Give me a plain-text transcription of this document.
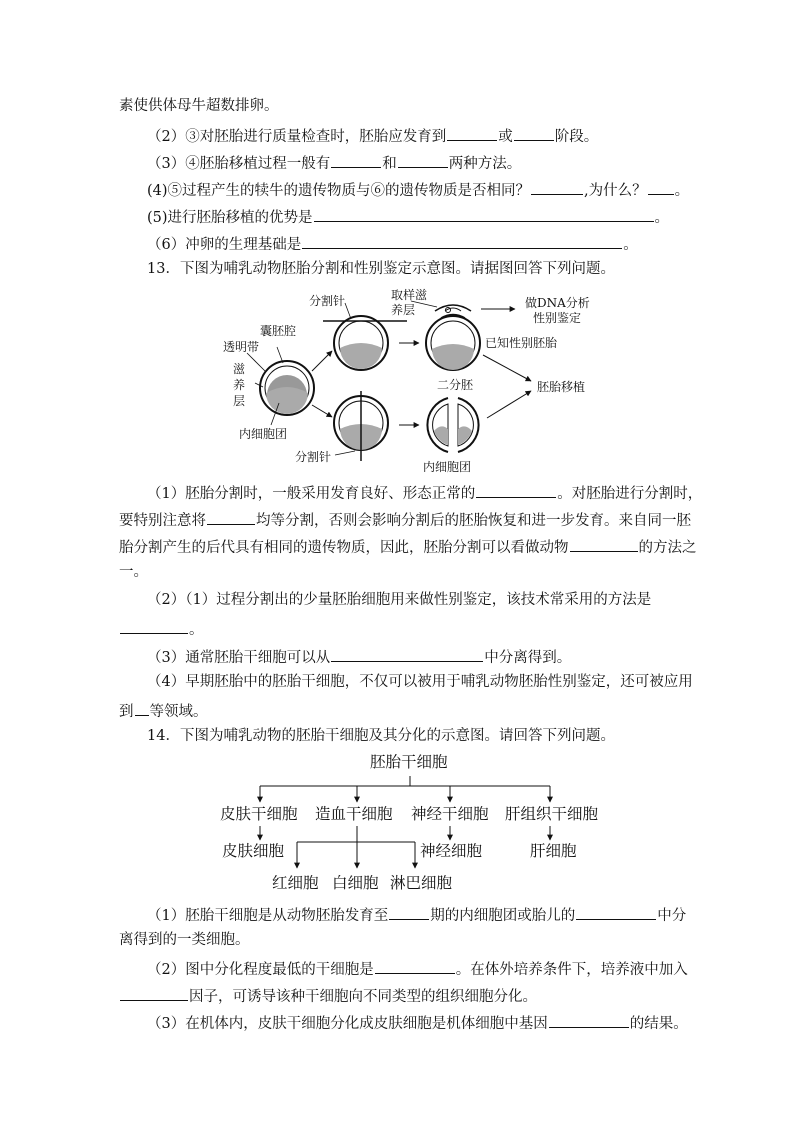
素使供体母牛超数排卵。
（2）③对胚胎进行质量检查时，胚胎应发育到	或	阶段。
（3）④胚胎移植过程一般有	和	两种方法。
(4)⑤过程产生的犊牛的遗传物质与⑥的遗传物质是否相同？	,为什么？ 。
(5)进行胚胎移植的优势是	。
（6）冲卵的生理基础是	。
13．下图为哺乳动物胚胎分割和性别鉴定示意图。请据图回答下列问题。
分割针	取样滋
养层	做DNA分析
性别鉴定
囊胚腔
透明带
滋
养
层
已知性别胚胎
二分胚	胚胎移植
内细胞团
分割针
内细胞团
（1）胚胎分割时，一般采用发育良好、形态正常的	。对胚胎进行分割时，
要特别注意将	均等分割，否则会影响分割后的胚胎恢复和进一步发育。来自同一胚
胎分割产生的后代具有相同的遗传物质，因此，胚胎分割可以看做动物	的方法之
一。
（2）（1）过程分割出的少量胚胎细胞用来做性别鉴定，该技术常采用的方法是
。
（3）通常胚胎干细胞可以从	中分离得到。
（4）早期胚胎中的胚胎干细胞，不仅可以被用于哺乳动物胚胎性别鉴定，还可被应用
到 等领域。
14．下图为哺乳动物的胚胎干细胞及其分化的示意图。请回答下列问题。
胚胎干细胞
皮肤干细胞 造血干细胞 神经干细胞 肝组织干细胞
皮肤细胞	神经细胞	肝细胞
红细胞 白细胞 淋巴细胞
（1）胚胎干细胞是从动物胚胎发育至	期的内细胞团或胎儿的	中分
离得到的一类细胞。
（2）图中分化程度最低的干细胞是	。在体外培养条件下，培养液中加入
因子，可诱导该种干细胞向不同类型的组织细胞分化。
（3）在机体内，皮肤干细胞分化成皮肤细胞是机体细胞中基因	的结果。
